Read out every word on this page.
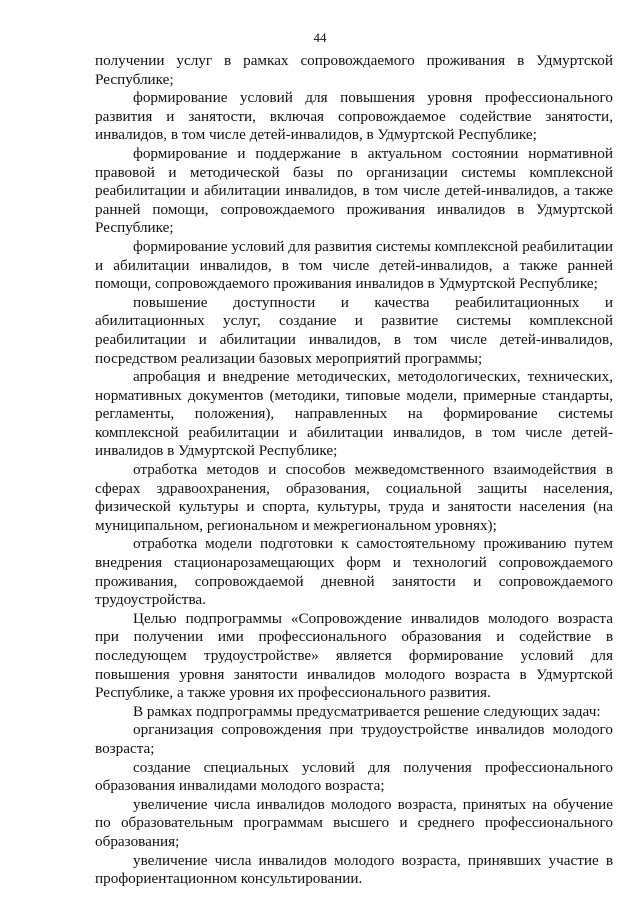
44

получении услуг в рамках сопровождаемого проживания в Удмуртской Республике;

формирование условий для повышения уровня профессионального развития и занятости, включая сопровождаемое содействие занятости, инвалидов, в том числе детей-инвалидов, в Удмуртской Республике;

формирование и поддержание в актуальном состоянии нормативной правовой и методической базы по организации системы комплексной реабилитации и абилитации инвалидов, в том числе детей-инвалидов, а также ранней помощи, сопровождаемого проживания инвалидов в Удмуртской Республике;

формирование условий для развития системы комплексной реабилитации и абилитации инвалидов, в том числе детей-инвалидов, а также ранней помощи, сопровождаемого проживания инвалидов в Удмуртской Республике;

повышение доступности и качества реабилитационных и абилитационных услуг, создание и развитие системы комплексной реабилитации и абилитации инвалидов, в том числе детей-инвалидов, посредством реализации базовых мероприятий программы;

апробация и внедрение методических, методологических, технических, нормативных документов (методики, типовые модели, примерные стандарты, регламенты, положения), направленных на формирование системы комплексной реабилитации и абилитации инвалидов, в том числе детей-инвалидов в Удмуртской Республике;

отработка методов и способов межведомственного взаимодействия в сферах здравоохранения, образования, социальной защиты населения, физической культуры и спорта, культуры, труда и занятости населения (на муниципальном, региональном и межрегиональном уровнях);

отработка модели подготовки к самостоятельному проживанию путем внедрения стационарозамещающих форм и технологий сопровождаемого проживания, сопровождаемой дневной занятости и сопровождаемого трудоустройства.

Целью подпрограммы «Сопровождение инвалидов молодого возраста при получении ими профессионального образования и содействие в последующем трудоустройстве» является формирование условий для повышения уровня занятости инвалидов молодого возраста в Удмуртской Республике, а также уровня их профессионального развития.

В рамках подпрограммы предусматривается решение следующих задач:

организация сопровождения при трудоустройстве инвалидов молодого возраста;

создание специальных условий для получения профессионального образования инвалидами молодого возраста;

увеличение числа инвалидов молодого возраста, принятых на обучение по образовательным программам высшего и среднего профессионального образования;

увеличение числа инвалидов молодого возраста, принявших участие в профориентационном консультировании.
